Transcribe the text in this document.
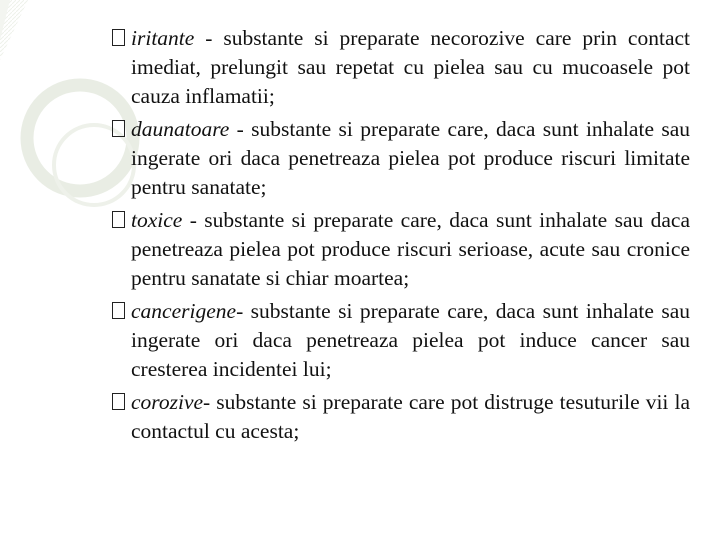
iritante - substante si preparate necorozive care prin contact imediat, prelungit sau repetat cu pielea sau cu mucoasele pot cauza inflamatii;
daunatoare - substante si preparate care, daca sunt inhalate sau ingerate ori daca penetreaza pielea pot produce riscuri limitate pentru sanatate;
toxice - substante si preparate care, daca sunt inhalate sau daca penetreaza pielea pot produce riscuri serioase, acute sau cronice pentru sanatate si chiar moartea;
cancerigene- substante si preparate care, daca sunt inhalate sau ingerate ori daca penetreaza pielea pot induce cancer sau cresterea incidentei lui;
corozive- substante si preparate care pot distruge tesuturile vii la contactul cu acesta;
